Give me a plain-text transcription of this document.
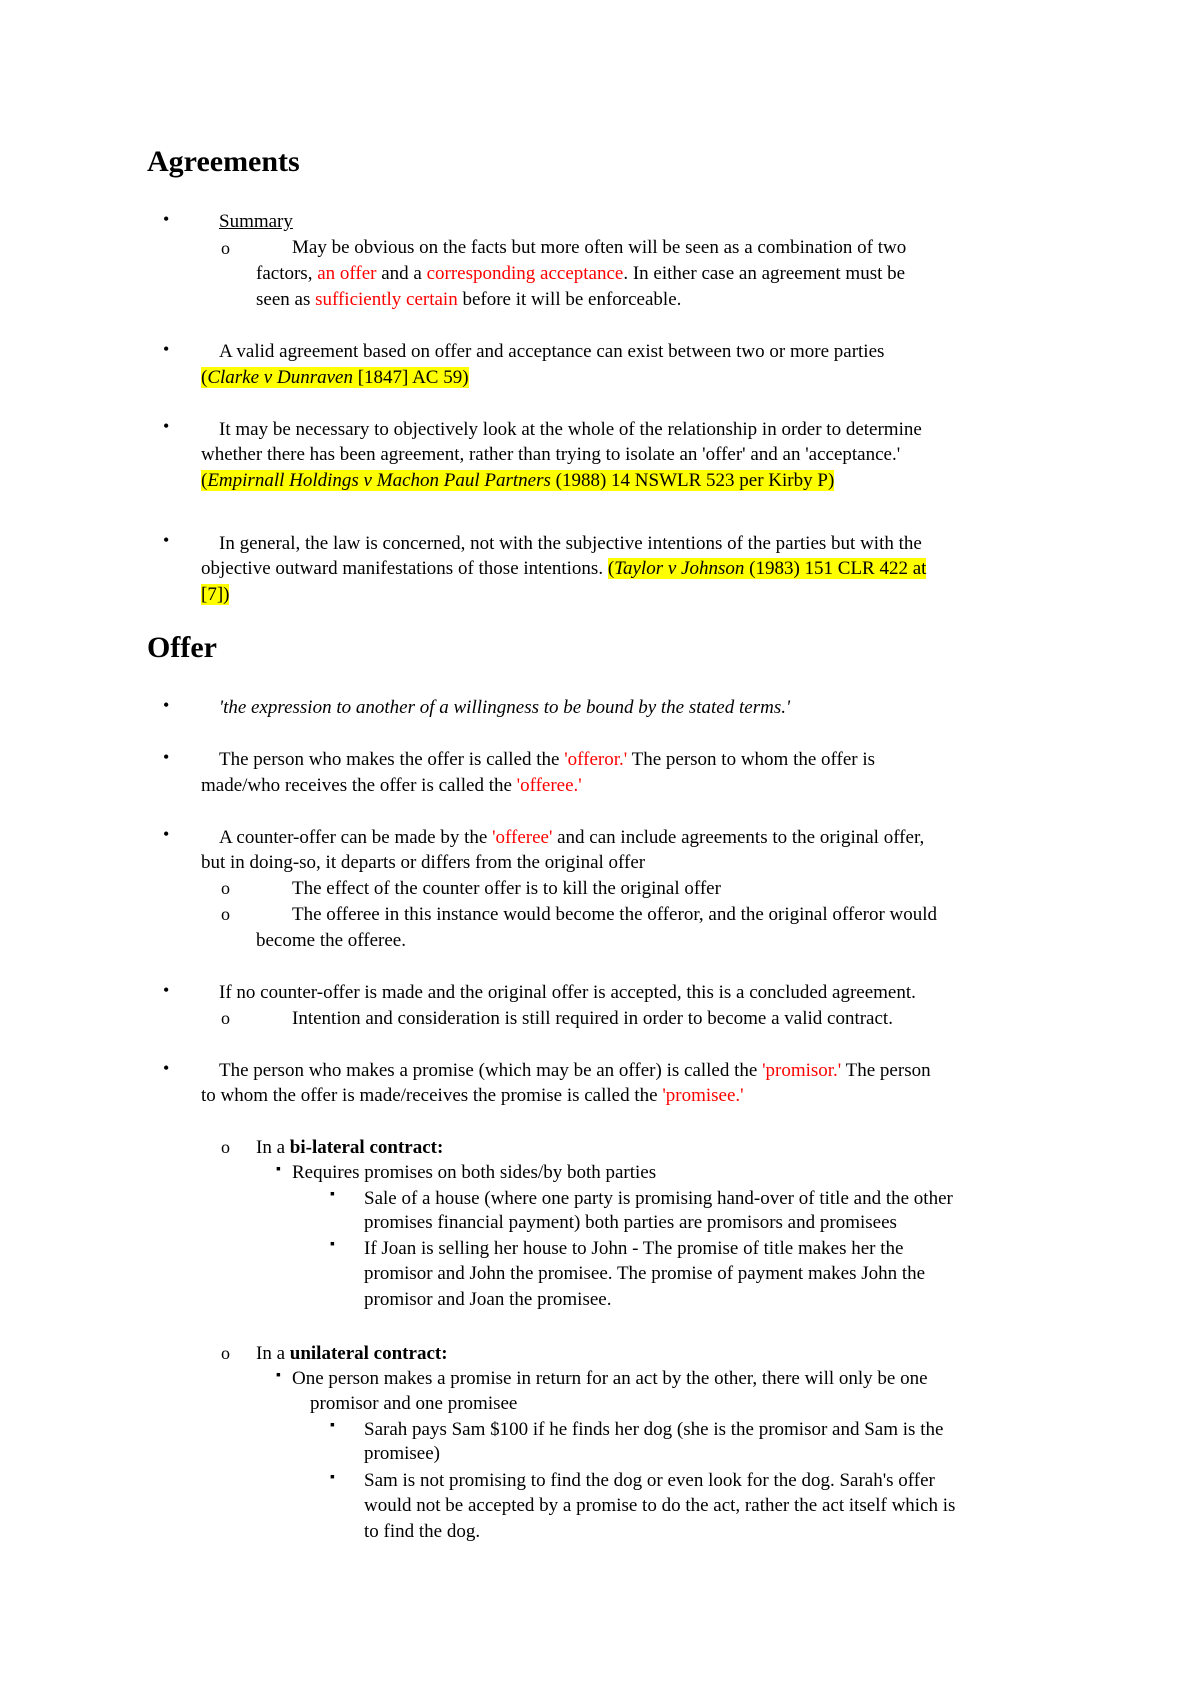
Agreements
•	Summary
o	May be obvious on the facts but more often will be seen as a combination of two
factors, an offer and a corresponding acceptance. In either case an agreement must be
seen as sufficiently certain before it will be enforceable.
•	A valid agreement based on offer and acceptance can exist between two or more parties
(Clarke v Dunraven [1847] AC 59)
•	It may be necessary to objectively look at the whole of the relationship in order to determine
whether there has been agreement, rather than trying to isolate an 'offer' and an 'acceptance.'
(Empirnall Holdings v Machon Paul Partners (1988) 14 NSWLR 523 per Kirby P)
•	In general, the law is concerned, not with the subjective intentions of the parties but with the
objective outward manifestations of those intentions. (Taylor v Johnson (1983) 151 CLR 422 at
[7])
Offer
•	'the expression to another of a willingness to be bound by the stated terms.'
•	The person who makes the offer is called the 'offeror.' The person to whom the offer is
made/who receives the offer is called the 'offeree.'
•	A counter-offer can be made by the 'offeree' and can include agreements to the original offer,
but in doing-so, it departs or differs from the original offer
o	The effect of the counter offer is to kill the original offer
o	The offeree in this instance would become the offeror, and the original offeror would
become the offeree.
•	If no counter-offer is made and the original offer is accepted, this is a concluded agreement.
o	Intention and consideration is still required in order to become a valid contract.
•	The person who makes a promise (which may be an offer) is called the 'promisor.' The person
to whom the offer is made/receives the promise is called the 'promisee.'
o In a bi-lateral contract:
▪ Requires promises on both sides/by both parties
▪ Sale of a house (where one party is promising hand-over of title and the other
promises financial payment) both parties are promisors and promisees
▪ If Joan is selling her house to John - The promise of title makes her the
promisor and John the promisee. The promise of payment makes John the
promisor and Joan the promisee.
o In a unilateral contract:
▪ One person makes a promise in return for an act by the other, there will only be one
promisor and one promisee
▪ Sarah pays Sam $100 if he finds her dog (she is the promisor and Sam is the
promisee)
▪ Sam is not promising to find the dog or even look for the dog. Sarah's offer
would not be accepted by a promise to do the act, rather the act itself which is
to find the dog.
